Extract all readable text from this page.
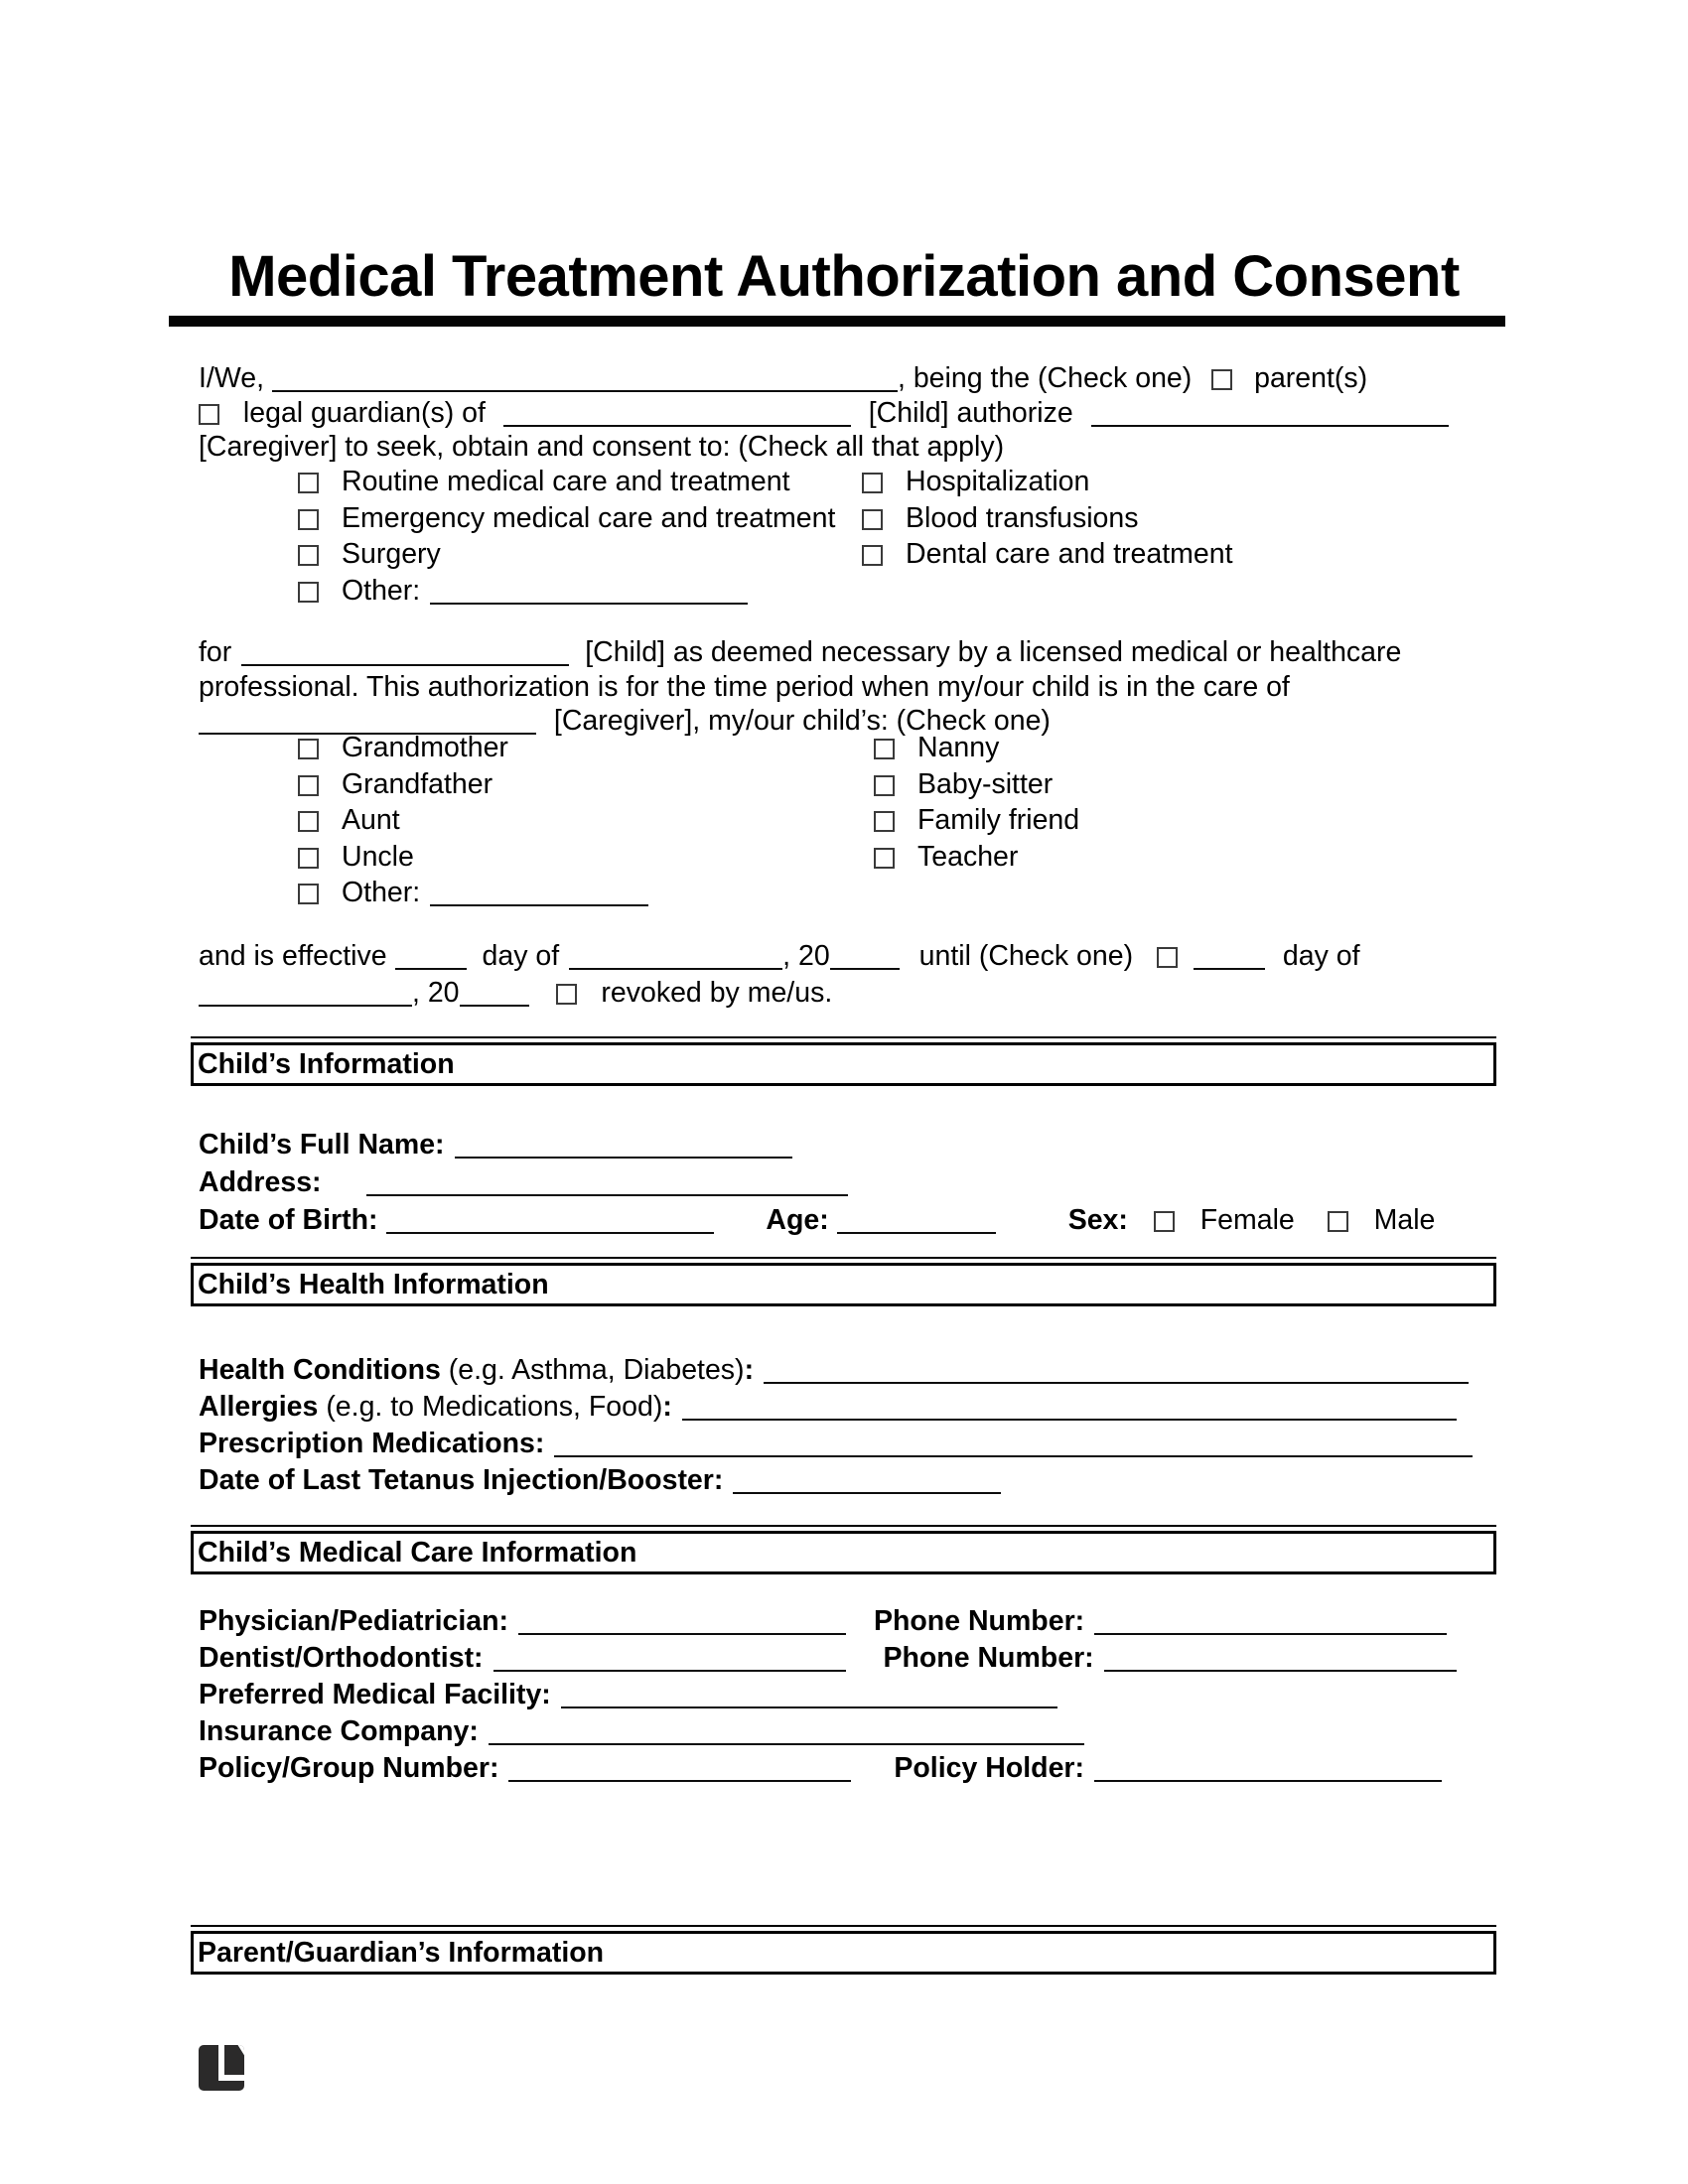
Medical Treatment Authorization and Consent
I/We,	, being the (Check one) parent(s)
legal guardian(s) of	[Child] authorize
[Caregiver] to seek, obtain and consent to: (Check all that apply)
Routine medical care and treatment
Emergency medical care and treatment
Surgery
Other:
Hospitalization
Blood transfusions
Dental care and treatment
for	[Child] as deemed necessary by a licensed medical or healthcare
professional. This authorization is for the time period when my/our child is in the care of
[Caregiver], my/our child’s: (Check one)
Grandmother
Grandfather
Aunt
Uncle
Other:
Nanny
Baby-sitter
Family friend
Teacher
and is effective	day of	, 20	until (Check one)	day of
, 20	revoked by me/us.
Child’s Information
Child’s Full Name:
Address:
Date of Birth:	Age:	Sex:	Female	Male
Child’s Health Information
Health Conditions (e.g. Asthma, Diabetes):
Allergies (e.g. to Medications, Food):
Prescription Medications:
Date of Last Tetanus Injection/Booster:
Child’s Medical Care Information
Physician/Pediatrician:	Phone Number:
Dentist/Orthodontist:	Phone Number:
Preferred Medical Facility:
Insurance Company:
Policy/Group Number:	Policy Holder:
Parent/Guardian’s Information
